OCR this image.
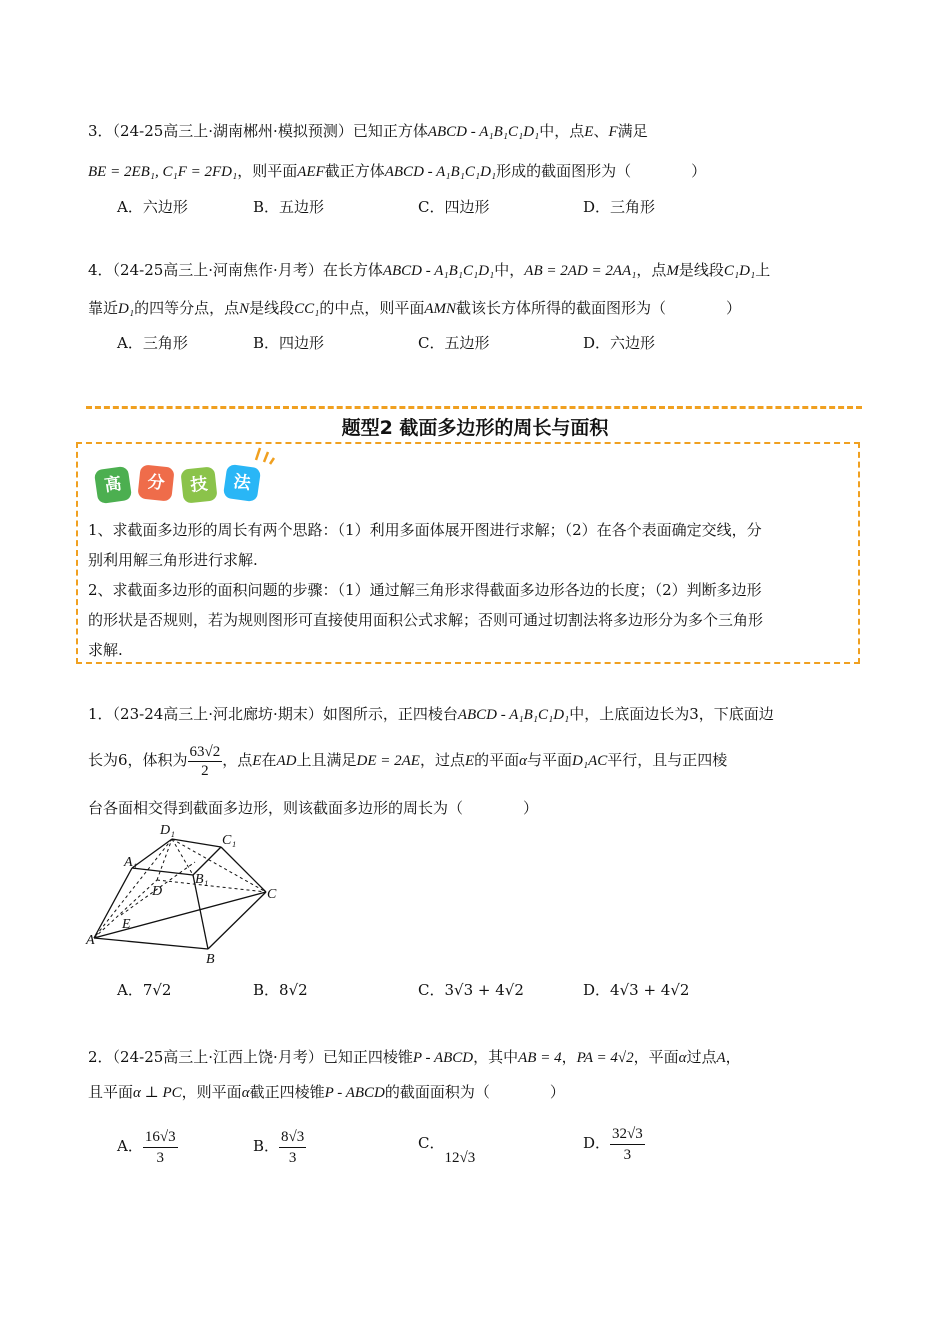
3．（24-25高三上·湖南郴州·模拟预测）已知正方体ABCD - A₁B₁C₁D₁中，点E、F满足
BE = 2EB₁, C₁F = 2FD₁，则平面AEF截正方体ABCD - A₁B₁C₁D₁形成的截面图形为（　　　　）
A．六边形	B．五边形	C．四边形	D．三角形
4．（24-25高三上·河南焦作·月考）在长方体ABCD - A₁B₁C₁D₁中，AB = 2AD = 2AA₁，点M是线段C₁D₁上
靠近D₁的四等分点，点N是线段CC₁的中点，则平面AMN截该长方体所得的截面图形为（　　　　）
A．三角形	B．四边形	C．五边形	D．六边形
题型2 截面多边形的周长与面积
高	分	技	法
1、求截面多边形的周长有两个思路：（1）利用多面体展开图进行求解；（2）在各个表面确定交线，分
别利用解三角形进行求解.
2、求截面多边形的面积问题的步骤：（1）通过解三角形求得截面多边形各边的长度；（2）判断多边形
的形状是否规则，若为规则图形可直接使用面积公式求解；否则可通过切割法将多边形分为多个三角形
求解.
1．（23-24高三上·河北廊坊·期末）如图所示，正四棱台ABCD - A₁B₁C₁D₁中，上底面边长为3，下底面边
长为6，体积为 $\frac{63√2}{2}$ ，点E在AD上且满足DE = 2AE，过点E的平面α与平面D₁AC平行，且与正四棱
台各面相交得到截面多边形，则该截面多边形的周长为（　　　　）
D₁
C₁
A₁
B₁
D	C
E
A
B
A．7√2	B．8√2	C．3√3 + 4√2	D．4√3 + 4√2
2．（24-25高三上·江西上饶·月考）已知正四棱锥P - ABCD，其中AB = 4，PA = 4√2，平面α过点A，
且平面α ⊥ PC，则平面α截正四棱锥P - ABCD的截面面积为（　　　　）
A． $\frac{16√3}{3}$	B． $\frac{8√3}{3}$	C．12√3
D． $\frac{32√3}{3}$
